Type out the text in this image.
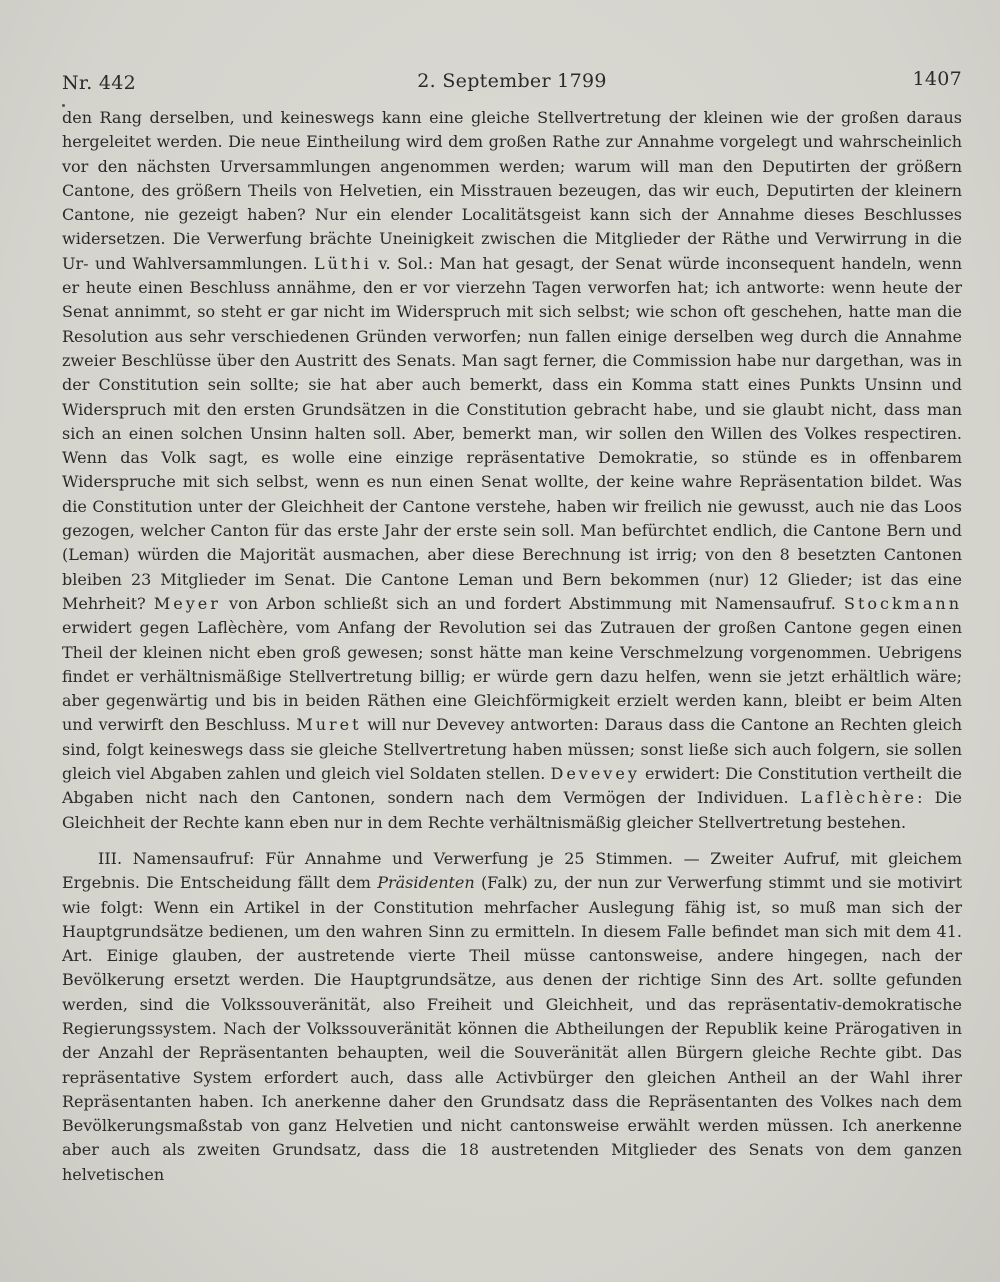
Nr. 442	2. September 1799	1407

den Rang derselben, und keineswegs kann eine gleiche Stellvertretung der kleinen wie der großen daraus hergeleitet werden. Die neue Eintheilung wird dem großen Rathe zur Annahme vorgelegt und wahrscheinlich vor den nächsten Urversammlungen angenommen werden; warum will man den Deputirten der größern Cantone, des größern Theils von Helvetien, ein Misstrauen bezeugen, das wir euch, Deputirten der kleinern Cantone, nie gezeigt haben? Nur ein elender Localitätsgeist kann sich der Annahme dieses Beschlusses widersetzen. Die Verwerfung brächte Uneinigkeit zwischen die Mitglieder der Räthe und Verwirrung in die Ur- und Wahlversammlungen. Lüthi v. Sol.: Man hat gesagt, der Senat würde inconsequent handeln, wenn er heute einen Beschluss annähme, den er vor vierzehn Tagen verworfen hat; ich antworte: wenn heute der Senat annimmt, so steht er gar nicht im Widerspruch mit sich selbst; wie schon oft geschehen, hatte man die Resolution aus sehr verschiedenen Gründen verworfen; nun fallen einige derselben weg durch die Annahme zweier Beschlüsse über den Austritt des Senats. Man sagt ferner, die Commission habe nur dargethan, was in der Constitution sein sollte; sie hat aber auch bemerkt, dass ein Komma statt eines Punkts Unsinn und Widerspruch mit den ersten Grundsätzen in die Constitution gebracht habe, und sie glaubt nicht, dass man sich an einen solchen Unsinn halten soll. Aber, bemerkt man, wir sollen den Willen des Volkes respectiren. Wenn das Volk sagt, es wolle eine einzige repräsentative Demokratie, so stünde es in offenbarem Widerspruche mit sich selbst, wenn es nun einen Senat wollte, der keine wahre Repräsentation bildet. Was die Constitution unter der Gleichheit der Cantone verstehe, haben wir freilich nie gewusst, auch nie das Loos gezogen, welcher Canton für das erste Jahr der erste sein soll. Man befürchtet endlich, die Cantone Bern und (Leman) würden die Majorität ausmachen, aber diese Berechnung ist irrig; von den 8 besetzten Cantonen bleiben 23 Mitglieder im Senat. Die Cantone Leman und Bern bekommen (nur) 12 Glieder; ist das eine Mehrheit? Meyer von Arbon schließt sich an und fordert Abstimmung mit Namensaufruf. Stockmann erwidert gegen Laflèchère, vom Anfang der Revolution sei das Zutrauen der großen Cantone gegen einen Theil der kleinen nicht eben groß gewesen; sonst hätte man keine Verschmelzung vorgenommen. Uebrigens findet er verhältnismäßige Stellvertretung billig; er würde gern dazu helfen, wenn sie jetzt erhältlich wäre; aber gegenwärtig und bis in beiden Räthen eine Gleichförmigkeit erzielt werden kann, bleibt er beim Alten und verwirft den Beschluss. Muret will nur Devevey antworten: Daraus dass die Cantone an Rechten gleich sind, folgt keineswegs dass sie gleiche Stellvertretung haben müssen; sonst ließe sich auch folgern, sie sollen gleich viel Abgaben zahlen und gleich viel Soldaten stellen. Devevey erwidert: Die Constitution vertheilt die Abgaben nicht nach den Cantonen, sondern nach dem Vermögen der Individuen. Laflèchère: Die Gleichheit der Rechte kann eben nur in dem Rechte verhältnismäßig gleicher Stellvertretung bestehen.

III. Namensaufruf: Für Annahme und Verwerfung je 25 Stimmen. — Zweiter Aufruf, mit gleichem Ergebnis. Die Entscheidung fällt dem Präsidenten (Falk) zu, der nun zur Verwerfung stimmt und sie motivirt wie folgt: Wenn ein Artikel in der Constitution mehrfacher Auslegung fähig ist, so muß man sich der Hauptgrundsätze bedienen, um den wahren Sinn zu ermitteln. In diesem Falle befindet man sich mit dem 41. Art. Einige glauben, der austretende vierte Theil müsse cantonsweise, andere hingegen, nach der Bevölkerung ersetzt werden. Die Hauptgrundsätze, aus denen der richtige Sinn des Art. sollte gefunden werden, sind die Volkssouveränität, also Freiheit und Gleichheit, und das repräsentativ-demokratische Regierungssystem. Nach der Volkssouveränität können die Abtheilungen der Republik keine Prärogativen in der Anzahl der Repräsentanten behaupten, weil die Souveränität allen Bürgern gleiche Rechte gibt. Das repräsentative System erfordert auch, dass alle Activbürger den gleichen Antheil an der Wahl ihrer Repräsentanten haben. Ich anerkenne daher den Grundsatz dass die Repräsentanten des Volkes nach dem Bevölkerungsmaßstab von ganz Helvetien und nicht cantonsweise erwählt werden müssen. Ich anerkenne aber auch als zweiten Grundsatz, dass die 18 austretenden Mitglieder des Senats von dem ganzen helvetischen
